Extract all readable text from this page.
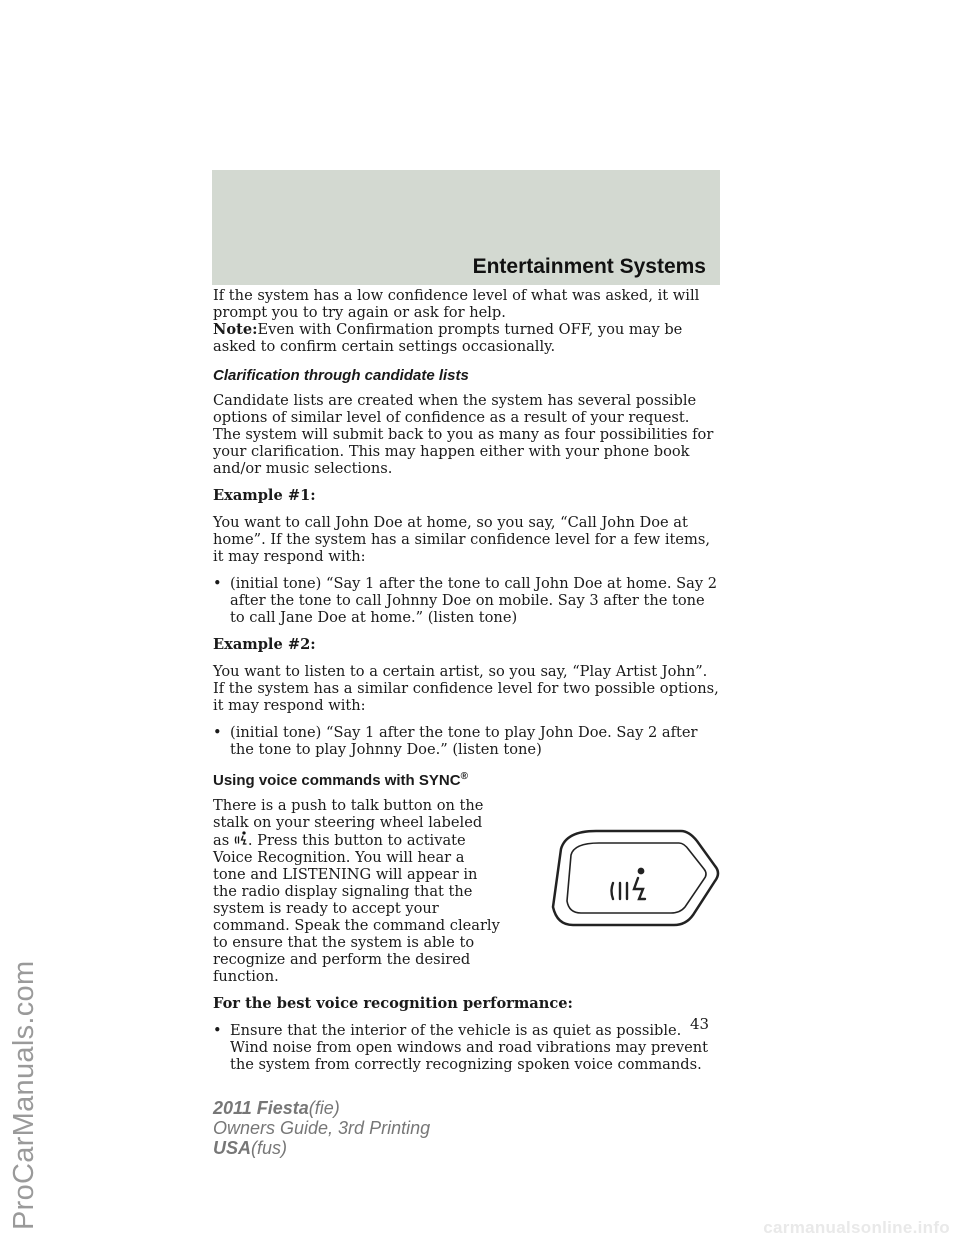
Entertainment Systems

If the system has a low confidence level of what was asked, it will prompt you to try again or ask for help.

Note:Even with Confirmation prompts turned OFF, you may be asked to confirm certain settings occasionally.

Clarification through candidate lists

Candidate lists are created when the system has several possible options of similar level of confidence as a result of your request. The system will submit back to you as many as four possibilities for your clarification. This may happen either with your phone book and/or music selections.

Example #1:

You want to call John Doe at home, so you say, “Call John Doe at home”. If the system has a similar confidence level for a few items, it may respond with:

• (initial tone) “Say 1 after the tone to call John Doe at home. Say 2 after the tone to call Johnny Doe on mobile. Say 3 after the tone to call Jane Doe at home.” (listen tone)

Example #2:

You want to listen to a certain artist, so you say, “Play Artist John”. If the system has a similar confidence level for two possible options, it may respond with:

• (initial tone) “Say 1 after the tone to play John Doe. Say 2 after the tone to play Johnny Doe.” (listen tone)
Using voice commands with SYNC®

There is a push to talk button on the stalk on your steering wheel labeled as . Press this button to activate Voice Recognition. You will hear a tone and LISTENING will appear in the radio display signaling that the system is ready to accept your command. Speak the command clearly to ensure that the system is able to recognize and perform the desired function.

For the best voice recognition performance:

• Ensure that the interior of the vehicle is as quiet as possible. Wind noise from open windows and road vibrations may prevent the system from correctly recognizing spoken voice commands.
43
2011 Fiesta(fie)
Owners Guide, 3rd Printing
USA(fus)
ProCarManuals.com	carmanualsonline.info
